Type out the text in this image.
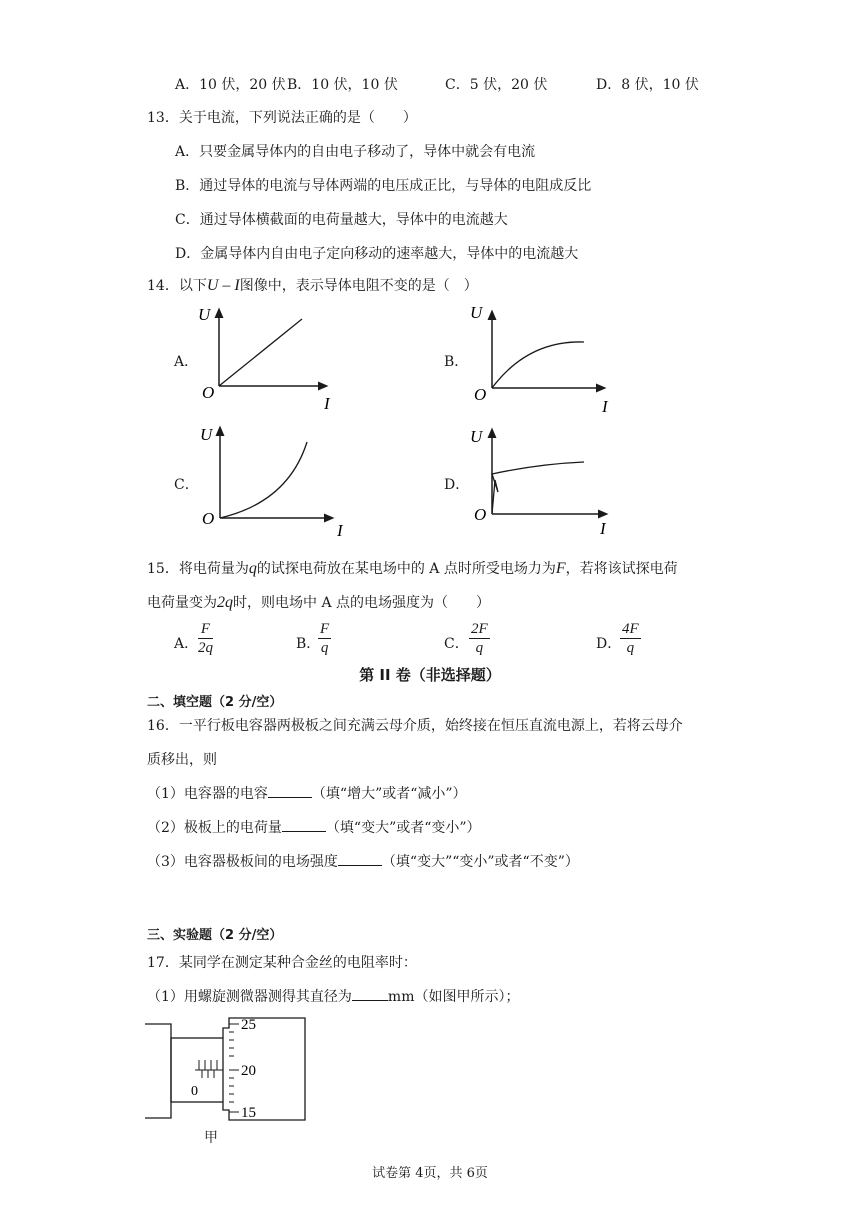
A．10 伏，20 伏 B．10 伏，10 伏	C．5 伏，20 伏	D．8 伏，10 伏
13．关于电流，下列说法正确的是（　　）
A．只要金属导体内的自由电子移动了，导体中就会有电流
B．通过导体的电流与导体两端的电压成正比，与导体的电阻成反比
C．通过导体横截面的电荷量越大，导体中的电流越大
D．金属导体内自由电子定向移动的速率越大，导体中的电流越大
14．以下U – I图像中，表示导体电阻不变的是（　）
A．	B．
C．	D．
U
I
O
U
I
O
U
I
O
U
I
O
15．将电荷量为q的试探电荷放在某电场中的 A 点时所受电场力为F，若将该试探电荷
电荷量变为2q时，则电场中 A 点的电场强度为（　　）
A． $\frac{F}{2q}$	B．
$\frac{F}{q}$	C． $\frac{2F}{q}$	D．
$\frac{4F}{q}$
第 II 卷（非选择题）
二、填空题（2 分/空）
16．一平行板电容器两极板之间充满云母介质，始终接在恒压直流电源上，若将云母介
质移出，则
（1）电容器的电容	（填“增大”或者“减小”）
（2）极板上的电荷量	（填“变大”或者“变小”）
（3）电容器极板间的电场强度	（填“变大”“变小”或者“不变”）
三、实验题（2 分/空）
17．某同学在测定某种合金丝的电阻率时：
（1）用螺旋测微器测得其直径为	mm（如图甲所示）；
0
25
20
15
甲
试卷第 4页，共 6页
